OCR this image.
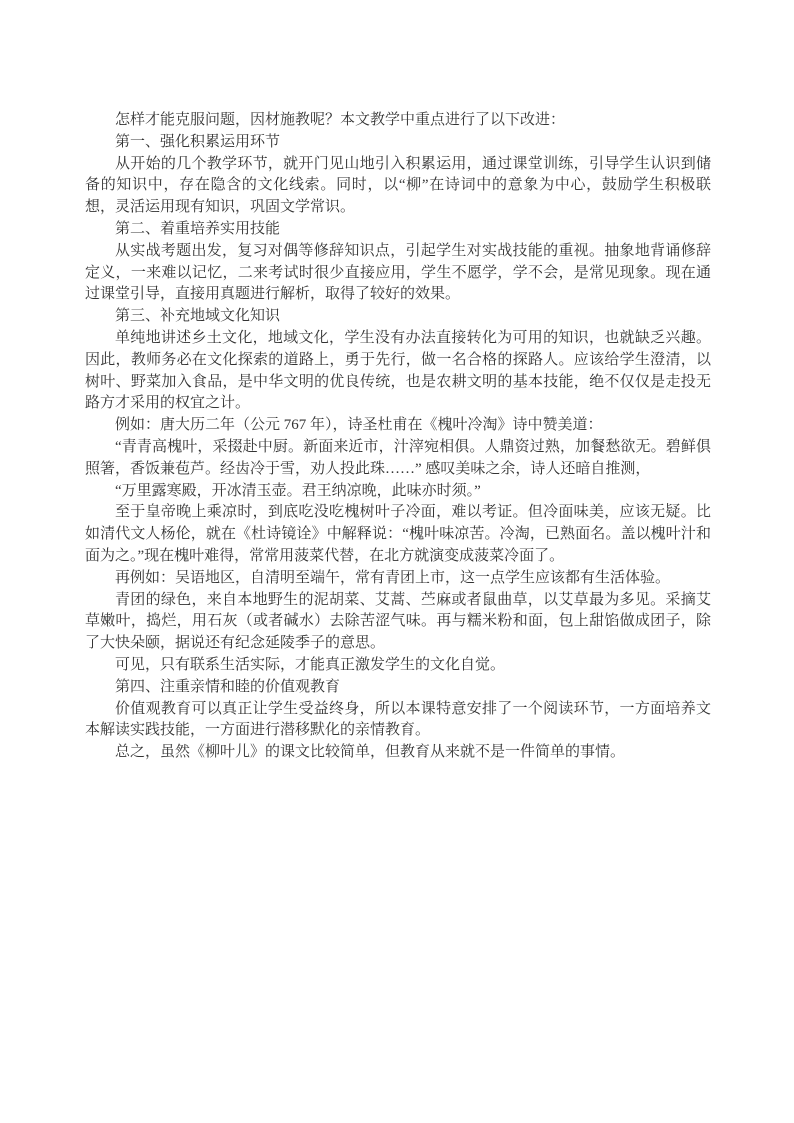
怎样才能克服问题，因材施教呢？本文教学中重点进行了以下改进：

第一、强化积累运用环节

从开始的几个教学环节，就开门见山地引入积累运用，通过课堂训练，引导学生认识到储备的知识中，存在隐含的文化线索。同时，以“柳”在诗词中的意象为中心，鼓励学生积极联想，灵活运用现有知识，巩固文学常识。

第二、着重培养实用技能

从实战考题出发，复习对偶等修辞知识点，引起学生对实战技能的重视。抽象地背诵修辞定义，一来难以记忆，二来考试时很少直接应用，学生不愿学，学不会，是常见现象。现在通过课堂引导，直接用真题进行解析，取得了较好的效果。

第三、补充地域文化知识

单纯地讲述乡土文化，地域文化，学生没有办法直接转化为可用的知识，也就缺乏兴趣。因此，教师务必在文化探索的道路上，勇于先行，做一名合格的探路人。应该给学生澄清，以树叶、野菜加入食品，是中华文明的优良传统，也是农耕文明的基本技能，绝不仅仅是走投无路方才采用的权宜之计。

例如：唐大历二年（公元 767 年），诗圣杜甫在《槐叶冷淘》诗中赞美道：

“青青高槐叶，采掇赴中厨。新面来近市，汁滓宛相俱。人鼎资过熟，加餐愁欲无。碧鲜俱照箸，香饭兼苞芦。经齿冷于雪，劝人投此珠……” 感叹美味之余，诗人还暗自推测，

“万里露寒殿，开冰清玉壶。君王纳凉晚，此味亦时须。”

至于皇帝晚上乘凉时，到底吃没吃槐树叶子冷面，难以考证。但冷面味美，应该无疑。比如清代文人杨伦，就在《杜诗镜诠》中解释说：“槐叶味凉苦。冷淘，已熟面名。盖以槐叶汁和面为之。”现在槐叶难得，常常用菠菜代替，在北方就演变成菠菜冷面了。

再例如：吴语地区，自清明至端午，常有青团上市，这一点学生应该都有生活体验。

青团的绿色，来自本地野生的泥胡菜、艾蒿、苎麻或者鼠曲草，以艾草最为多见。采摘艾草嫩叶，捣烂，用石灰（或者碱水）去除苦涩气味。再与糯米粉和面，包上甜馅做成团子，除了大快朵颐，据说还有纪念延陵季子的意思。

可见，只有联系生活实际，才能真正激发学生的文化自觉。

第四、注重亲情和睦的价值观教育

价值观教育可以真正让学生受益终身，所以本课特意安排了一个阅读环节，一方面培养文本解读实践技能，一方面进行潜移默化的亲情教育。

总之，虽然《柳叶儿》的课文比较简单，但教育从来就不是一件简单的事情。
